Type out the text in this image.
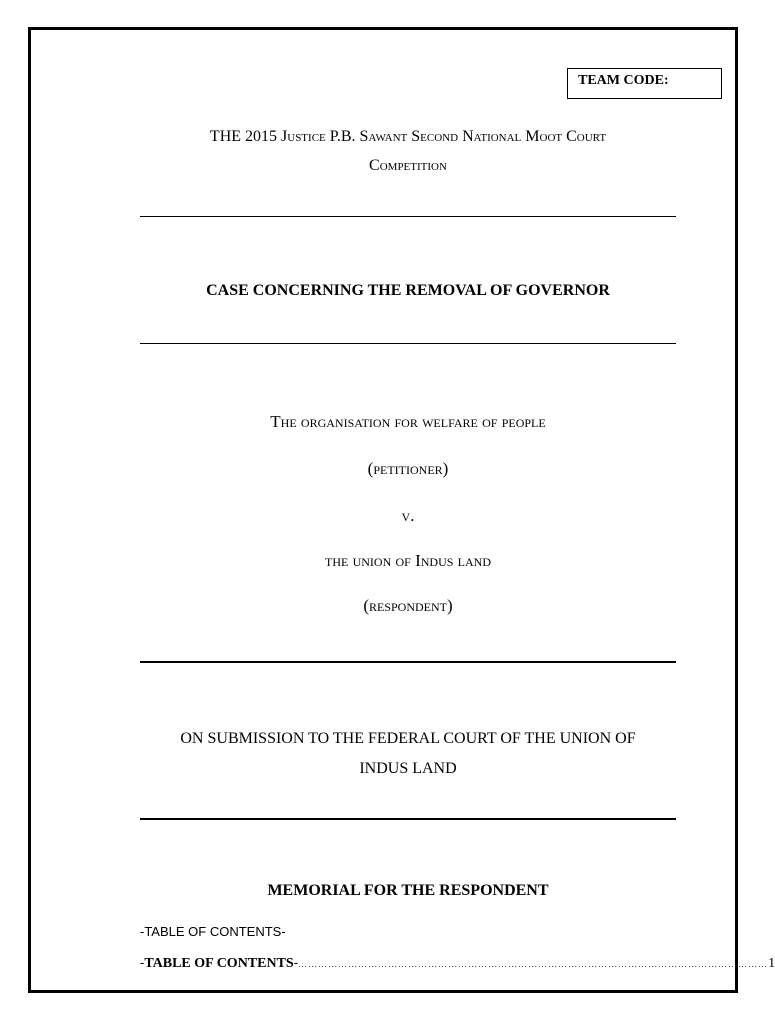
TEAM CODE:
THE 2015 Justice P.B. Sawant Second National Moot Court
Competition
CASE CONCERNING THE REMOVAL OF GOVERNOR
The organisation for welfare of people
(petitioner)
v.
the union of Indus land
(respondent)
ON SUBMISSION TO THE FEDERAL COURT OF THE UNION OF
INDUS LAND
MEMORIAL FOR THE RESPONDENT
-TABLE OF CONTENTS-
- TABLE OF CONTENTS - …………………………………………………………………………………………………………………………… 1
